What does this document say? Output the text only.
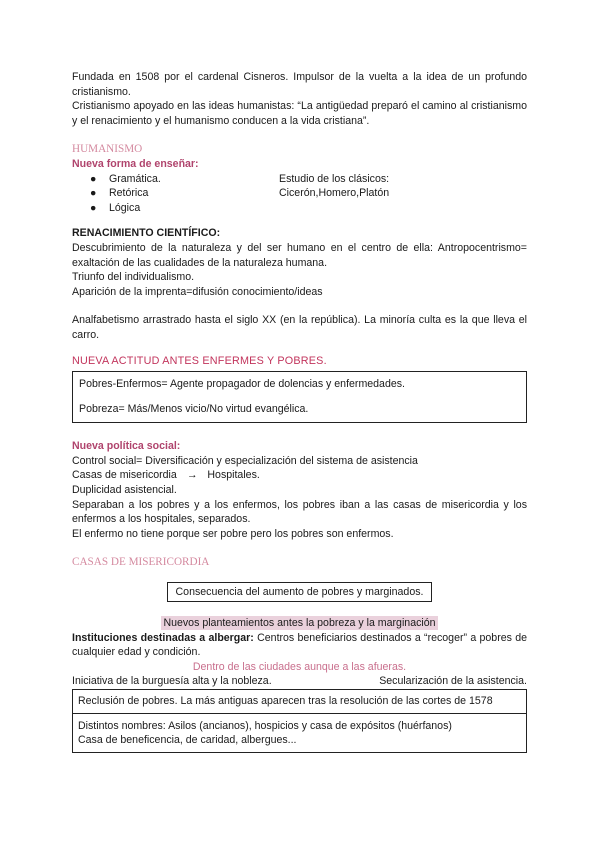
Fundada en 1508 por el cardenal Cisneros. Impulsor de la vuelta a la idea de un profundo cristianismo.

Cristianismo apoyado en las ideas humanistas: “La antigüedad preparó el camino al cristianismo y el renacimiento y el humanismo conducen a la vida cristiana”.

HUMANISMO

Nueva forma de enseñar:

● Gramática.	Estudio de los clásicos:
● Retórica	Cicerón,Homero,Platón
● Lógica

RENACIMIENTO CIENTÍFICO:

Descubrimiento de la naturaleza y del ser humano en el centro de ella: Antropocentrismo= exaltación de las cualidades de la naturaleza humana.

Triunfo del individualismo.

Aparición de la imprenta=difusión conocimiento/ideas

Analfabetismo arrastrado hasta el siglo XX (en la república). La minoría culta es la que lleva el carro.

NUEVA ACTITUD ANTES ENFERMES Y POBRES.

Pobres-Enfermos= Agente propagador de dolencias y enfermedades.

Pobreza= Más/Menos vicio/No virtud evangélica.

Nueva política social:

Control social= Diversificación y especialización del sistema de asistencia

Casas de misericordia → Hospitales.

Duplicidad asistencial.

Separaban a los pobres y a los enfermos, los pobres iban a las casas de misericordia y los enfermos a los hospitales, separados.

El enfermo no tiene porque ser pobre pero los pobres son enfermos.

CASAS DE MISERICORDIA

Consecuencia del aumento de pobres y marginados.

Nuevos planteamientos antes la pobreza y la marginación

Instituciones destinadas a albergar: Centros beneficiarios destinados a “recoger” a pobres de cualquier edad y condición.

Dentro de las ciudades aunque a las afueras.

Iniciativa de la burguesía alta y la nobleza.	Secularización de la asistencia.

Reclusión de pobres. La más antiguas aparecen tras la resolución de las cortes de 1578

Distintos nombres: Asilos (ancianos), hospicios y casa de expósitos (huérfanos)

Casa de beneficencia, de caridad, albergues...
